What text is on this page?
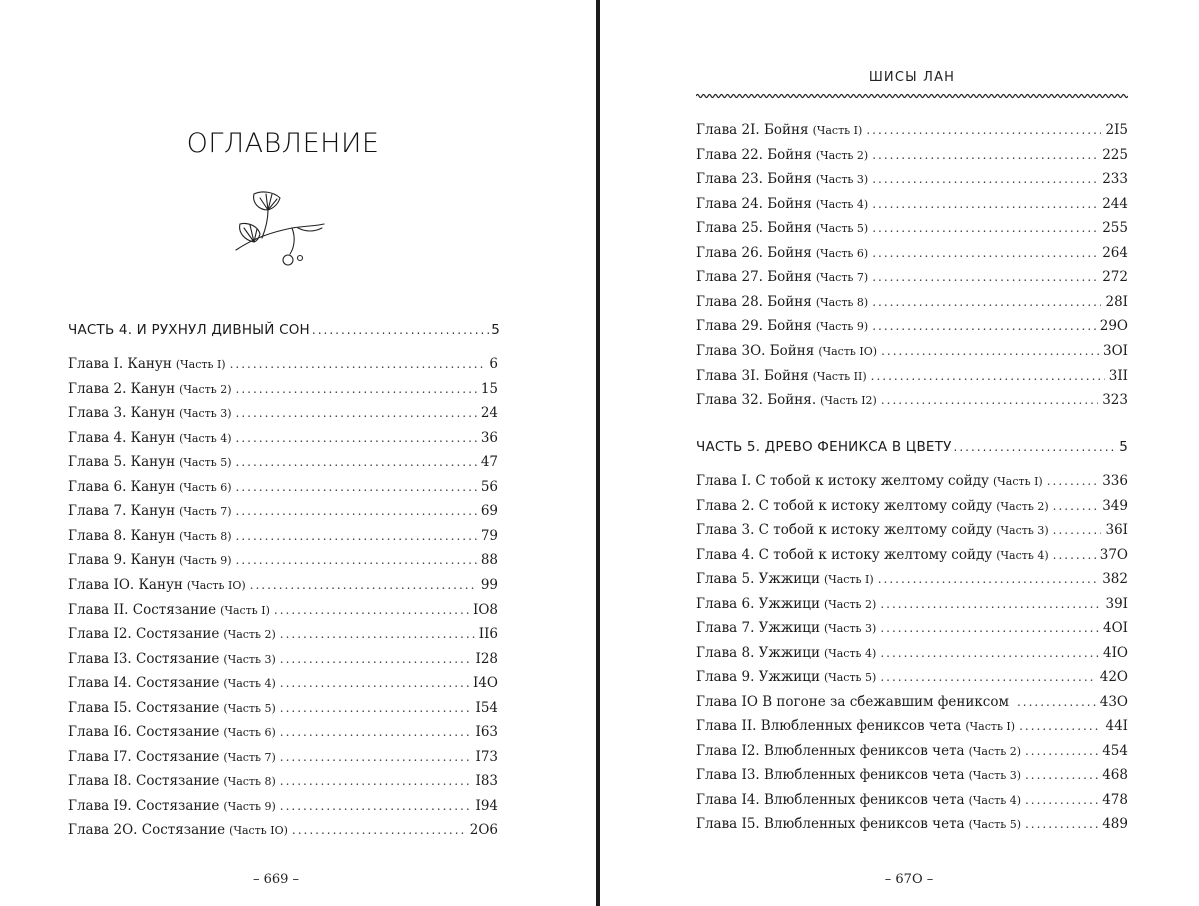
ОГЛАВЛЕНИЕ
ЧАСТЬ 4. И РУХНУЛ ДИВНЫЙ СОН .....	5
Глава I. Канун (Часть I) .....	6
Глава 2. Канун (Часть 2) .....	15
Глава 3. Канун (Часть 3) .....	24
Глава 4. Канун (Часть 4) .....	36
Глава 5. Канун (Часть 5) .....	47
Глава 6. Канун (Часть 6) .....	56
Глава 7. Канун (Часть 7) .....	69
Глава 8. Канун (Часть 8) .....	79
Глава 9. Канун (Часть 9) .....	88
Глава IО. Канун (Часть IО) .....	99
Глава II. Состязание (Часть I) .....	IО8
Глава I2. Состязание (Часть 2) .....	II6
Глава I3. Состязание (Часть 3) .....	I28
Глава I4. Состязание (Часть 4) .....	I4О
Глава I5. Состязание (Часть 5) .....	I54
Глава I6. Состязание (Часть 6) .....	I63
Глава I7. Состязание (Часть 7) .....	I73
Глава I8. Состязание (Часть 8) .....	I83
Глава I9. Состязание (Часть 9) .....	I94
Глава 2О. Состязание (Часть IО) .....	2О6
– 669 –
ШИСЫ ЛАН
Глава 2I. Бойня (Часть I) .....	2I5
Глава 22. Бойня (Часть 2) .....	225
Глава 23. Бойня (Часть 3) .....	233
Глава 24. Бойня (Часть 4) .....	244
Глава 25. Бойня (Часть 5) .....	255
Глава 26. Бойня (Часть 6) .....	264
Глава 27. Бойня (Часть 7) .....	272
Глава 28. Бойня (Часть 8) .....	28I
Глава 29. Бойня (Часть 9) .....	29О
Глава 3О. Бойня (Часть IО) .....	3ОI
Глава 3I. Бойня (Часть II) .....	3II
Глава 32. Бойня. (Часть I2) .....	323
ЧАСТЬ 5. ДРЕВО ФЕНИКСА В ЦВЕТУ .....	5
Глава I. С тобой к истоку желтому сойду (Часть I) .....	336
Глава 2. С тобой к истоку желтому сойду (Часть 2) .....	349
Глава 3. С тобой к истоку желтому сойду (Часть 3) .....	36I
Глава 4. С тобой к истоку желтому сойду (Часть 4) .....	37О
Глава 5. Ужжици (Часть I) .....	382
Глава 6. Ужжици (Часть 2) .....	39I
Глава 7. Ужжици (Часть 3) .....	4ОI
Глава 8. Ужжици (Часть 4) .....	4IО
Глава 9. Ужжици (Часть 5) .....	42О
Глава IО В погоне за сбежавшим фениксом .....	43О
Глава II. Влюбленных фениксов чета (Часть I) .....	44I
Глава I2. Влюбленных фениксов чета (Часть 2) .....	454
Глава I3. Влюбленных фениксов чета (Часть 3) .....	468
Глава I4. Влюбленных фениксов чета (Часть 4) .....	478
Глава I5. Влюбленных фениксов чета (Часть 5) .....	489
– 67О –
